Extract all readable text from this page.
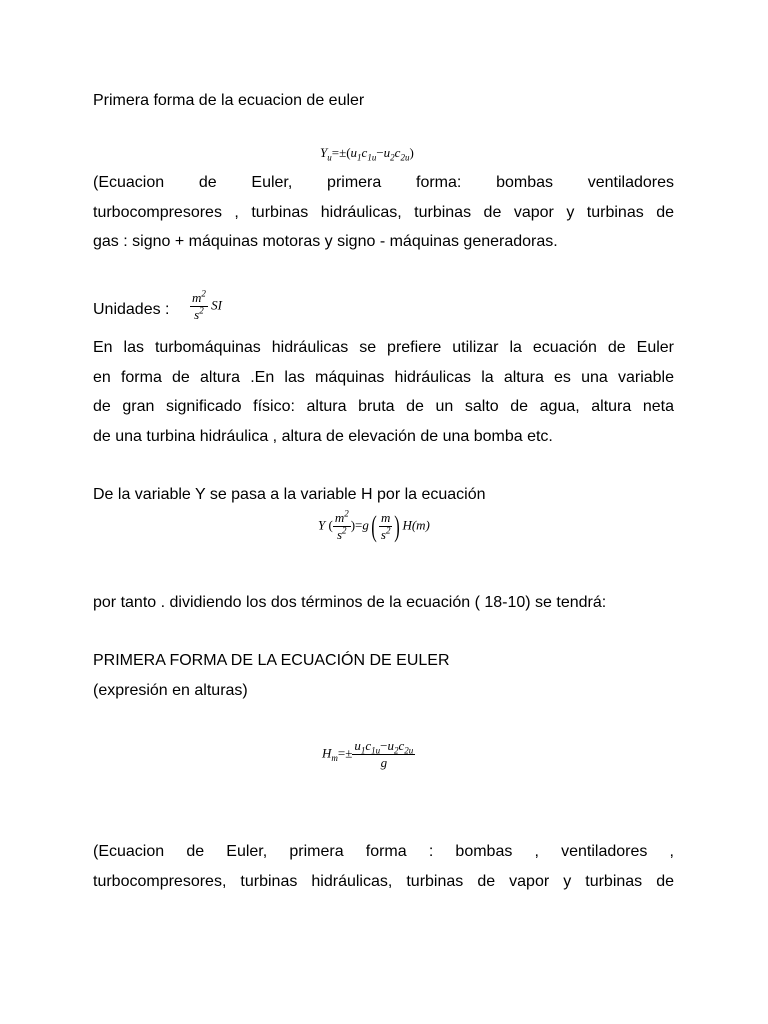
Primera forma de la ecuacion de euler

$Y_u=\pm(u_1c_{1u}-u_2c_{2u})$
(Ecuacion de Euler, primera forma: bombas ventiladores
turbocompresores , turbinas hidráulicas, turbinas de vapor y turbinas de
gas : signo + máquinas motoras y signo - máquinas generadoras.
Unidades : $\frac{m^2}{s^2}$ SI
En las turbomáquinas hidráulicas se prefiere utilizar la ecuación de Euler
en forma de altura .En las máquinas hidráulicas la altura es una variable
de gran significado físico: altura bruta de un salto de agua, altura neta
de una turbina hidráulica , altura de elevación de una bomba etc.

De la variable Y se pasa a la variable H por la ecuación

Y ( $\frac{m^2}{s^2} )=g( \frac{m}{s^2}$ ) H(m)

por tanto . dividiendo los dos términos de la ecuación ( 18-10) se tendrá:

PRIMERA FORMA DE LA ECUACIÓN DE EULER

(expresión en alturas)

$H_m=\pm \frac{u_1c_{1u}-u_2c_{2u}}{g}$
(Ecuacion de Euler, primera forma : bombas , ventiladores ,
turbocompresores, turbinas hidráulicas, turbinas de vapor y turbinas de
